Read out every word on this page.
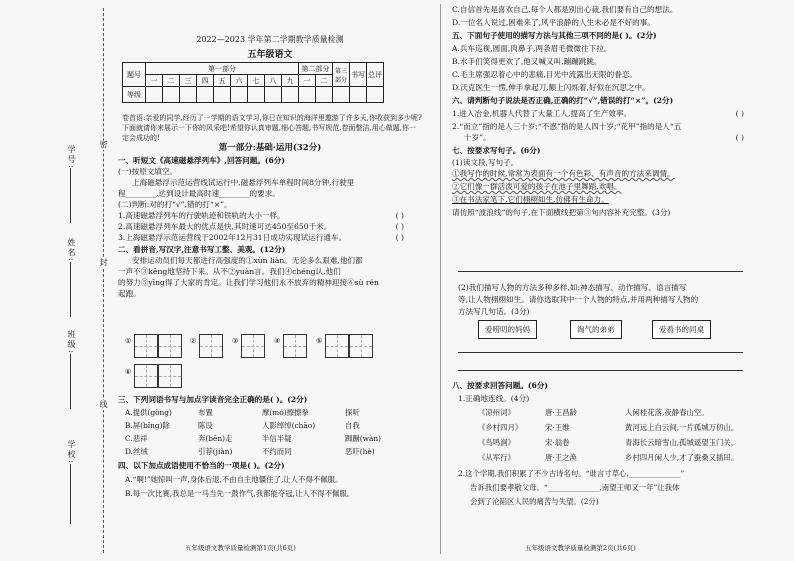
密
封
线
学号:
姓名:
班级:
学校:
2022—2023 学年第二学期教学质量检测
五年级语文
题号	第一部分									第二部分		第三部分	书写	总评
	一	二	三	四	五	六	七	八	九	一	二			
等级														
卷首语:亲爱的同学,经历了一学期的语文学习,你已在知识的海洋里遨游了许多天,你收获到多少呢?下面就请你来展示一下你的风采吧!希望你认真审题,细心答题,书写规范,卷面整洁,用心做题,你一定会成功的!
第一部分:基础·运用(32分)
一、听短文《高速磁悬浮列车》,回答问题。(6分)
(一)按原文填空。
上海磁悬浮示范运营线试运行中,磁悬浮列车单程时间8分钟,行驶里
程________,达到设计最高时速________的要求。
(二)判断:对的打“√”,错的打“×”。
1.高速磁悬浮列车的行驶轨迹和铁轨的大小一样。	( )
2.高速磁悬浮列车最大的优点是快,其时速可达450至650千米。	( )
3.上海磁悬浮示范运营线于2002年12月31日成功实现试运行通车。	( )
二、看拼音,写汉字,注意书写工整、美观。(12分)
安排运动员们每天都进行高强度的①xùn liàn。无论多么艰难,他们都
一声不③kēng地坚持下来。从不②yuàn言。我们④chéng认,他们
的努力⑤yīng得了大家的肯定。让我们学习他们永不放弃的精神迎接⑥sù rén
起跑。
①	②	③	④	⑤
⑥
三、下列词语书写与加点字读音完全正确的是( )。(2分)
A.提供(gòng)	布置	摩(mó)擦擦拳	探听
B.屏(bǐng)除	陈设	人影绰绰(chāo)	自我
C.悲祥	奔(bēn)走	半信半疑	踟蹰(wàn)
D.丝绒	引荐(jiàn)	不约而同	恶吓(hè)
四、以下加点成语使用不恰当的一项是( )。(2分)
A.“啊!”她惊叫一声,身体后退,不由自主地僵住了,让人不得不佩服。
B.每一次比赛,我总是一马当先一鼓作气,我都能夺冠,让人不得不佩服。
五年级语文教学质量检测第1页(共6页)
C.自信首先是喜欢自己,每个人都是别出心裁,我们要有自己的想法。
D.一位名人说过,困难来了,风平浪静的人生未必是不好的事。
五、下面句子使用的描写方法与其他三项不同的是( )。(2分)
A.兵车巡视,圆面,肉鼻子,两条眉毛微微往下拉。
B.水手们笑得更欢了,他又喊又叫,蹦蹦跳跳。
C.毛主席强忍着心中的悲痛,目光中流露出无限的眷恋。
D.沃克医生一愣,伸手拿起刀,额上闪烁着,好似在沉思之中。
六、请判断句子说法是否正确,正确的打“√”,错误的打“×”。(2分)
1.进入冶金,机器人代替了大量工人,提高了生产效率。	( )
2.“而立”指的是人三十岁;“不惑”指的是人四十岁;“花甲”指的是人“五
十岁”。	( )
七、按要求写句子。(6分)
(1)读文段,写句子。
①我写作的时候,常常为表面有一个有色彩、有声音的方法来调情。
②它们像一群活泼可爱的孩子在池子里舞蹈,欢唱。
③在书法家笔下,它们栩栩如生,仿佛有生命力。
请仿照“波浪线”的句子,在下面横线把第③句内容补充完整。(3分)
(2)我们描写人物的方法多种多样,如:神态描写、动作描写、语言描写
等,让人物栩栩如生。请你选取其中一个人物的特点,并用两种描写人物的
方法写几句话。(3分)
爱唠叨的妈妈	淘气的弟弟	爱看书的同桌
八、按要求回答问题。(6分)
1.正确地连线。(4分)
《凉州词》	唐·王昌龄	人闲桂花落,夜静春山空。
《乡村四月》	宋·王维	黄河远上白云间,一片孤城万仞山。
《鸟鸣涧》	宋·翁卷	青海长云暗雪山,孤城遥望玉门关。
《从军行》	唐·王之涣	乡村四月闲人少,才了蚕桑又插田。
2.这个学期,我们积累了不少古诗名句。“谁言寸草心,______________”
告诉我们要孝敬父母。“______________,南望王师又一年”让我体
会到了沦陷区人民的痛苦与失望。(2分)
五年级语文教学质量检测第2页(共6页)
